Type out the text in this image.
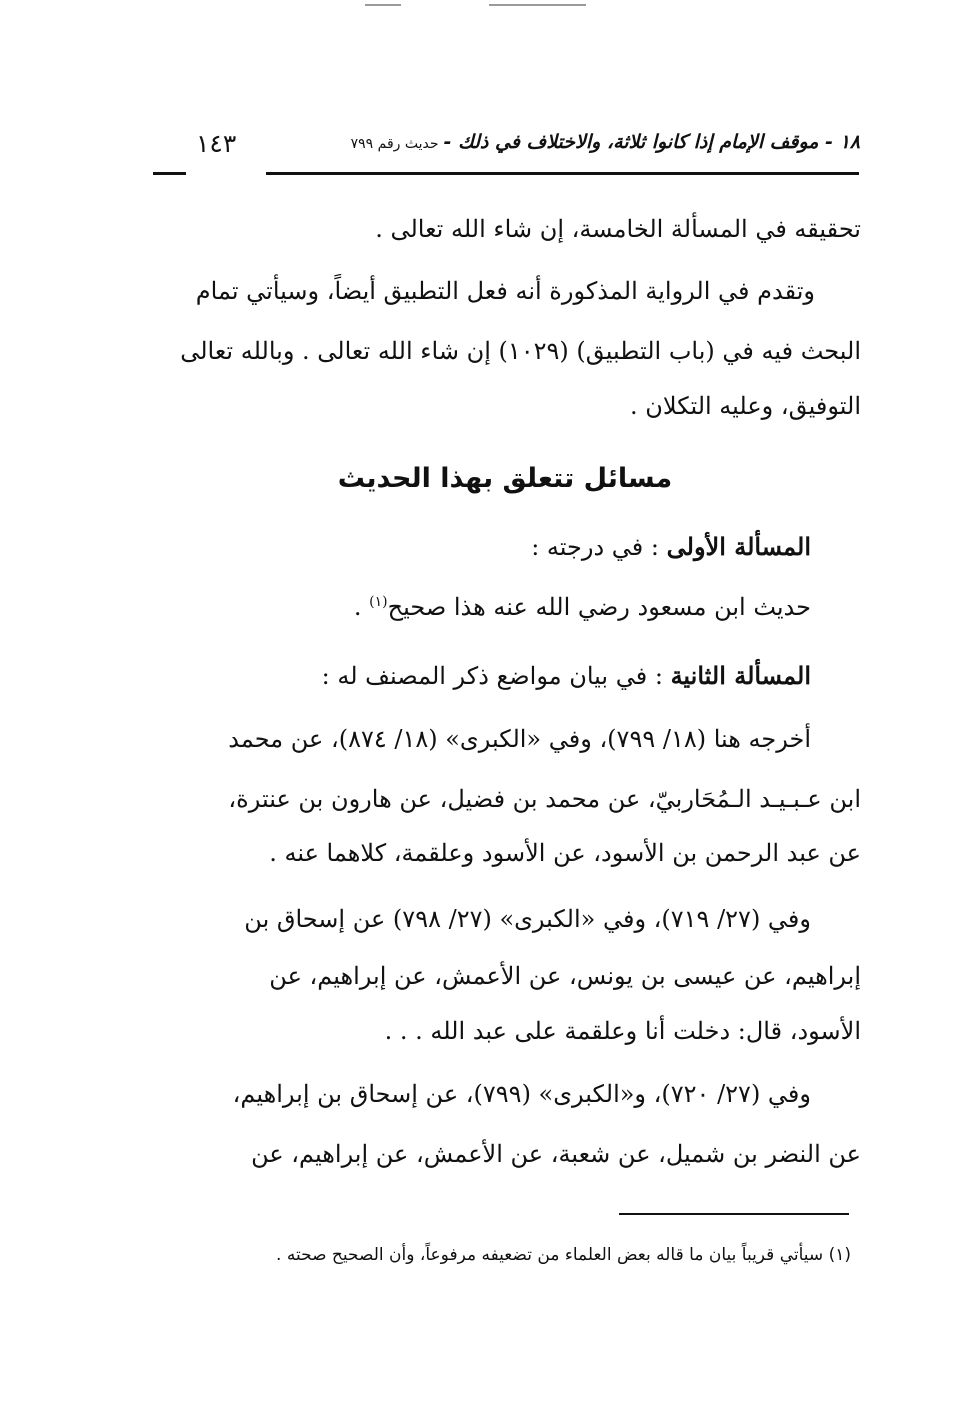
١٨ - موقف الإمام إذا كانوا ثلاثة، والاختلاف في ذلك - حديث رقم ٧٩٩
١٤٣
تحقيقه في المسألة الخامسة، إن شاء الله تعالى .
وتقدم في الرواية المذكورة أنه فعل التطبيق أيضاً، وسيأتي تمام
البحث فيه في (باب التطبيق) (١٠٢٩) إن شاء الله تعالى . وبالله تعالى
التوفيق، وعليه التكلان .
مسائل تتعلق بهذا الحديث
المسألة الأولى : في درجته :
حديث ابن مسعود رضي الله عنه هذا صحيح$^{(١)}$ .
المسألة الثانية : في بيان مواضع ذكر المصنف له :
أخرجه هنا (١٨/ ٧٩٩)، وفي «الكبرى» (١٨/ ٨٧٤)، عن محمد
ابن عـبـيـد الـمُحَاربيّ، عن محمد بن فضيل، عن هارون بن عنترة،
عن عبد الرحمن بن الأسود، عن الأسود وعلقمة، كلاهما عنه .
وفي (٢٧/ ٧١٩)، وفي «الكبرى» (٢٧/ ٧٩٨) عن إسحاق بن
إبراهيم، عن عيسى بن يونس، عن الأعمش، عن إبراهيم، عن
الأسود، قال: دخلت أنا وعلقمة على عبد الله . . .
وفي (٢٧/ ٧٢٠)، و«الكبرى» (٧٩٩)، عن إسحاق بن إبراهيم،
عن النضر بن شميل، عن شعبة، عن الأعمش، عن إبراهيم، عن
(١) سيأتي قريباً بيان ما قاله بعض العلماء من تضعيفه مرفوعاً، وأن الصحيح صحته .
